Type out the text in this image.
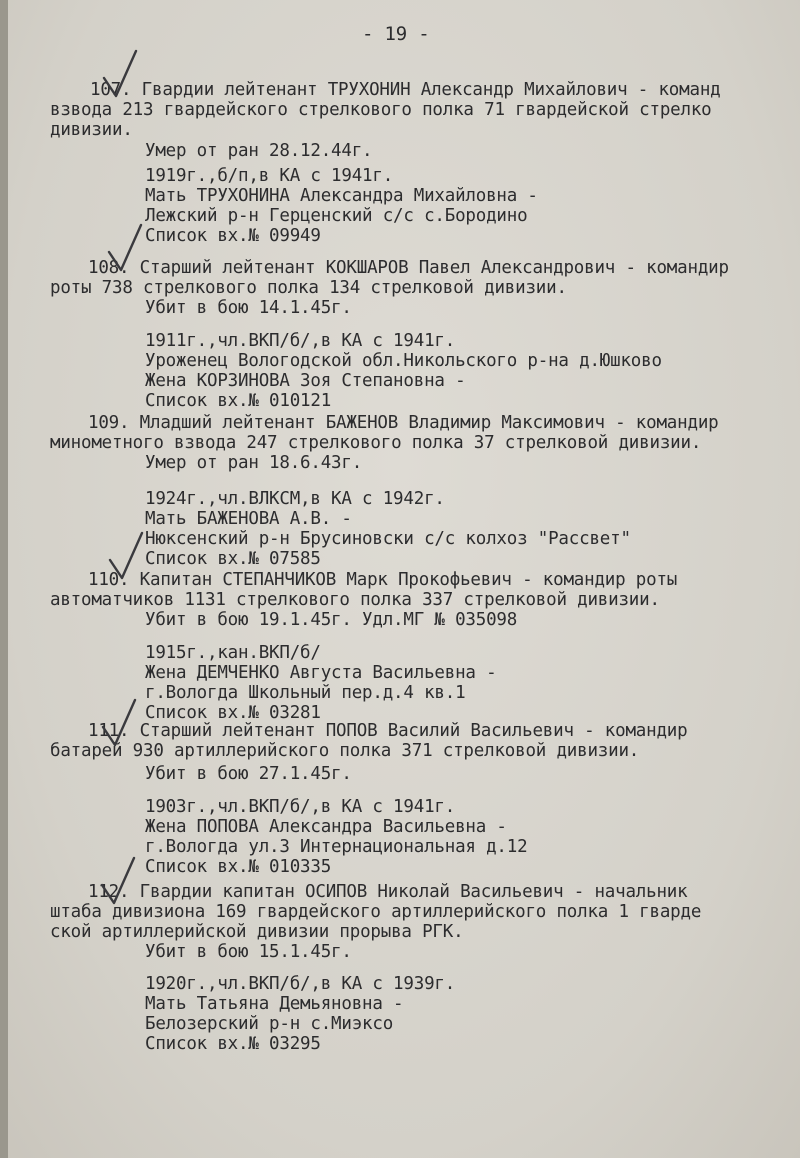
- 19 -
107. Гвардии лейтенант ТРУХОНИН Александр Михайлович - команд
взвода 213 гвардейского стрелкового полка 71 гвардейской стрелко
дивизии.
Умер от ран 28.12.44г.
1919г.,б/п,в КА с 1941г.
Мать ТРУХОНИНА Александра Михайловна -
Лежский р-н Герценский с/с с.Бородино
Список вх.№ 09949
108. Старший лейтенант КОКШАРОВ Павел Александрович - командир
роты 738 стрелкового полка 134 стрелковой дивизии.
Убит в бою 14.1.45г.
1911г.,чл.ВКП/б/,в КА с 1941г.
Уроженец Вологодской обл.Никольского р-на д.Юшково
Жена КОРЗИНОВА Зоя Степановна -
Список вх.№ 010121
109. Младший лейтенант БАЖЕНОВ Владимир Максимович - командир
минометного взвода 247 стрелкового полка 37 стрелковой дивизии.
Умер от ран 18.6.43г.
1924г.,чл.ВЛКСМ,в КА с 1942г.
Мать БАЖЕНОВА А.В. -
Нюксенский р-н Брусиновски с/с колхоз "Рассвет"
Список вх.№ 07585
110. Капитан СТЕПАНЧИКОВ Марк Прокофьевич - командир роты
автоматчиков 1131 стрелкового полка 337 стрелковой дивизии.
Убит в бою 19.1.45г. Удл.МГ № 035098
1915г.,кан.ВКП/б/
Жена ДЕМЧЕНКО Августа Васильевна -
г.Вологда Школьный пер.д.4 кв.1
Список вх.№ 03281
111. Старший лейтенант ПОПОВ Василий Васильевич - командир
батарей 930 артиллерийского полка 371 стрелковой дивизии.
Убит в бою 27.1.45г.
1903г.,чл.ВКП/б/,в КА с 1941г.
Жена ПОПОВА Александра Васильевна -
г.Вологда ул.3 Интернациональная д.12
Список вх.№ 010335
112. Гвардии капитан ОСИПОВ Николай Васильевич - начальник
штаба дивизиона 169 гвардейского артиллерийского полка 1 гварде
ской артиллерийской дивизии прорыва РГК.
Убит в бою 15.1.45г.
1920г.,чл.ВКП/б/,в КА с 1939г.
Мать Татьяна Демьяновна -
Белозерский р-н с.Миэксо
Список вх.№ 03295
